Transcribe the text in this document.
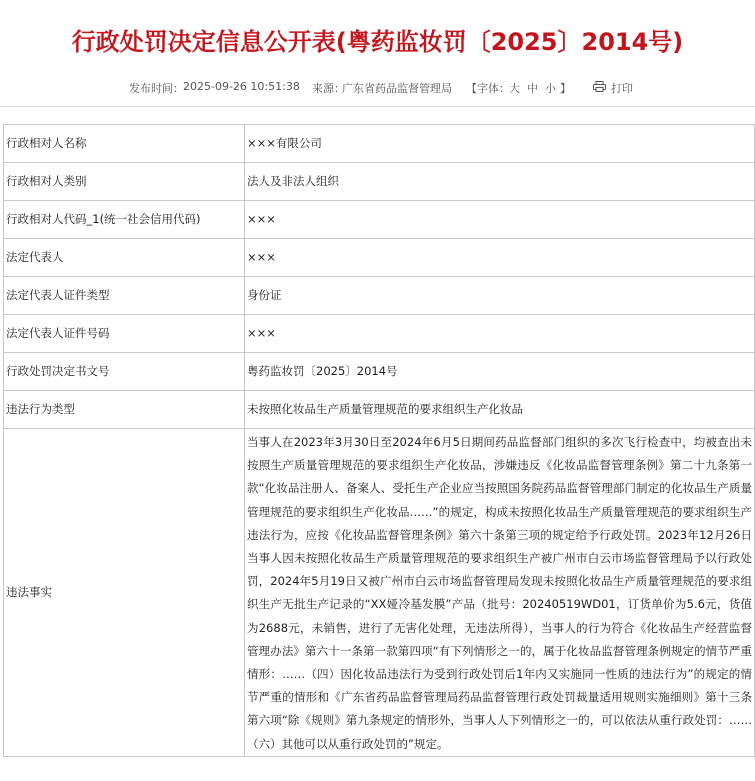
行政处罚决定信息公开表(粤药监妆罚〔2025〕2014号)
发布时间： 2025-09-26 10:51:38 来源：
广东省药品监督管理局 【字体： 大 中 小 】	打印
行政相对人名称	×××有限公司
行政相对人类别	法人及非法人组织
行政相对人代码_1(统一社会信用代码)	×××
法定代表人	×××
法定代表人证件类型	身份证
法定代表人证件号码	×××
行政处罚决定书文号	粤药监妆罚〔2025〕2014号
违法行为类型	未按照化妆品生产质量管理规范的要求组织生产化妆品
违法事实	当事人在2023年3月30日至2024年6月5日期间药品监督部门组织的多次飞行检查中，均被查出未按照生产质量管理规范的要求组织生产化妆品，涉嫌违反《化妆品监督管理条例》第二十九条第一款“化妆品注册人、备案人、受托生产企业应当按照国务院药品监督管理部门制定的化妆品生产质量管理规范的要求组织生产化妆品……”的规定，构成未按照化妆品生产质量管理规范的要求组织生产违法行为，应按《化妆品监督管理条例》第六十条第三项的规定给予行政处罚。2023年12月26日当事人因未按照化妆品生产质量管理规范的要求组织生产被广州市白云市场监督管理局予以行政处罚，2024年5月19日又被广州市白云市场监督管理局发现未按照化妆品生产质量管理规范的要求组织生产无批生产记录的“XX娅冷基发膜”产品（批号：20240519WD01，订货单价为5.6元，货值为2688元，未销售，进行了无害化处理，无违法所得），当事人的行为符合《化妆品生产经营监督管理办法》第六十一条第一款第四项“有下列情形之一的，属于化妆品监督管理条例规定的情节严重情形：……（四）因化妆品违法行为受到行政处罚后1年内又实施同一性质的违法行为”的规定的情节严重的情形和《广东省药品监督管理局药品监督管理行政处罚裁量适用规则实施细则》第十三条第六项“除《规则》第九条规定的情形外，当事人人下列情形之一的，可以依法从重行政处罚：……（六）其他可以从重行政处罚的”规定。
